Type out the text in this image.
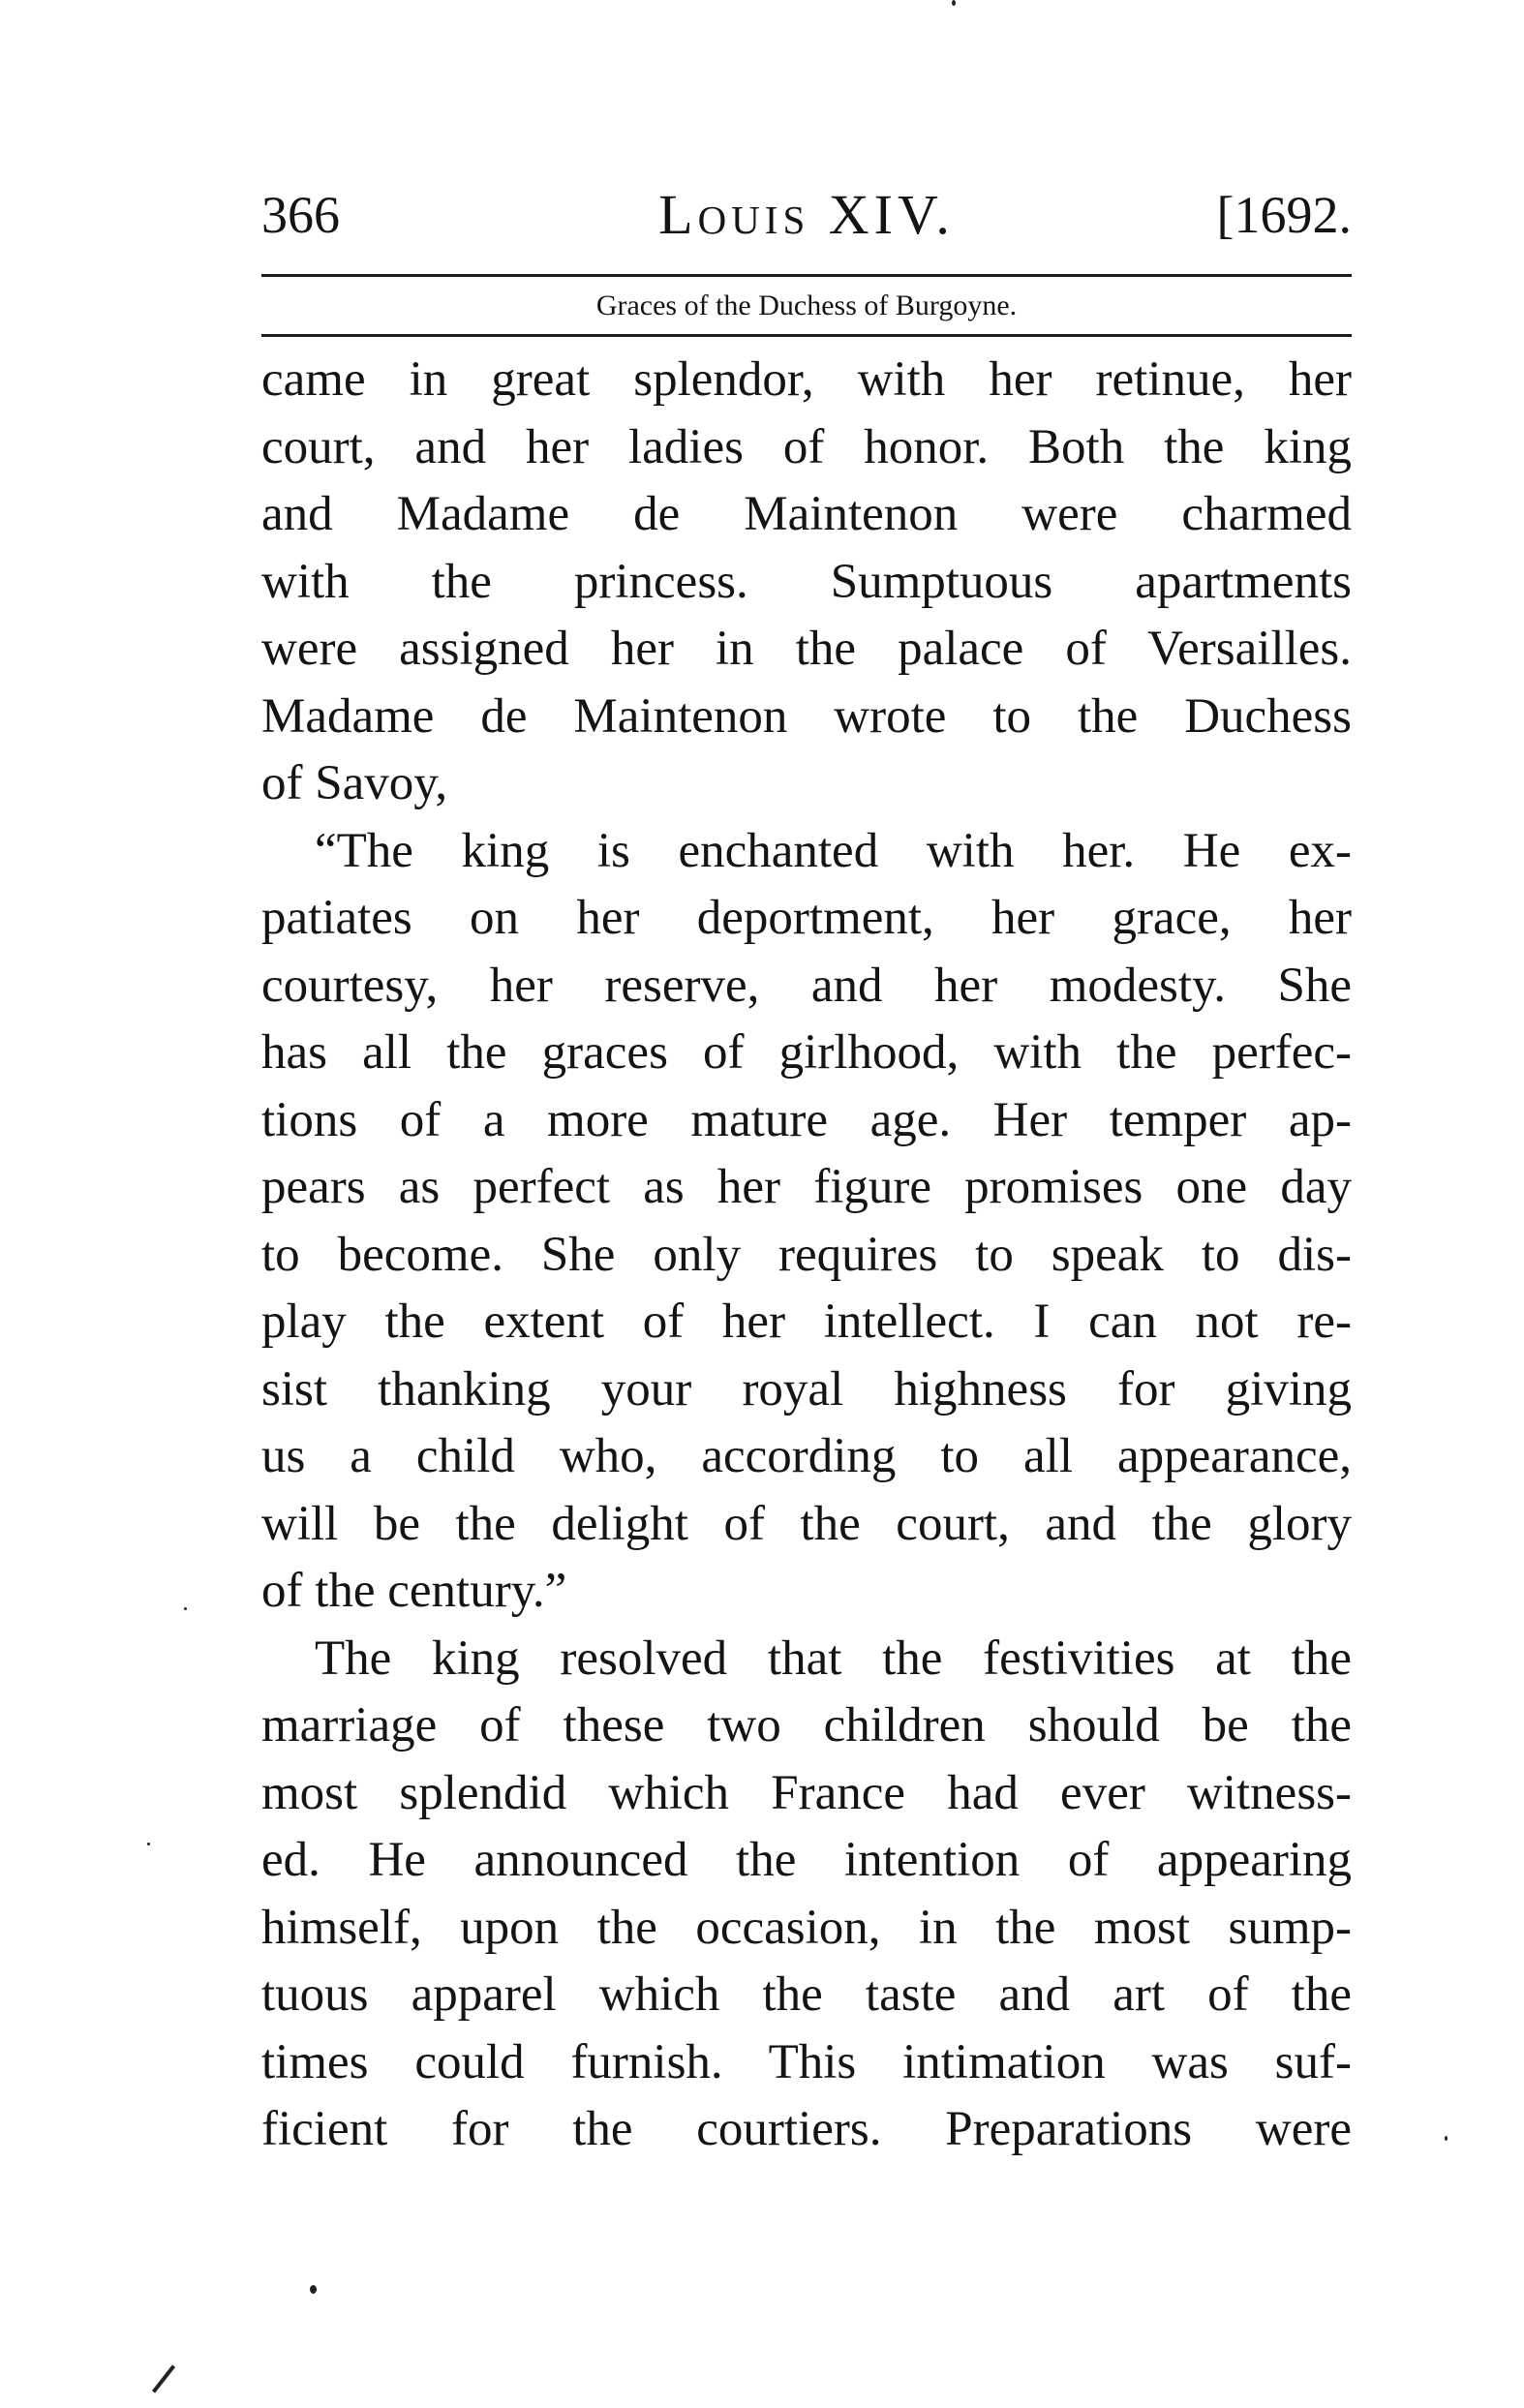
366	Louis XIV.	[1692.
Graces of the Duchess of Burgoyne.
came in great splendor, with her retinue, her
court, and her ladies of honor. Both the king
and Madame de Maintenon were charmed
with the princess. Sumptuous apartments
were assigned her in the palace of Versailles.
Madame de Maintenon wrote to the Duchess
of Savoy,
“The king is enchanted with her. He ex-
patiates on her deportment, her grace, her
courtesy, her reserve, and her modesty. She
has all the graces of girlhood, with the perfec-
tions of a more mature age. Her temper ap-
pears as perfect as her figure promises one day
to become. She only requires to speak to dis-
play the extent of her intellect. I can not re-
sist thanking your royal highness for giving
us a child who, according to all appearance,
will be the delight of the court, and the glory
of the century.”
The king resolved that the festivities at the
marriage of these two children should be the
most splendid which France had ever witness-
ed. He announced the intention of appearing
himself, upon the occasion, in the most sump-
tuous apparel which the taste and art of the
times could furnish. This intimation was suf-
ficient for the courtiers. Preparations were
